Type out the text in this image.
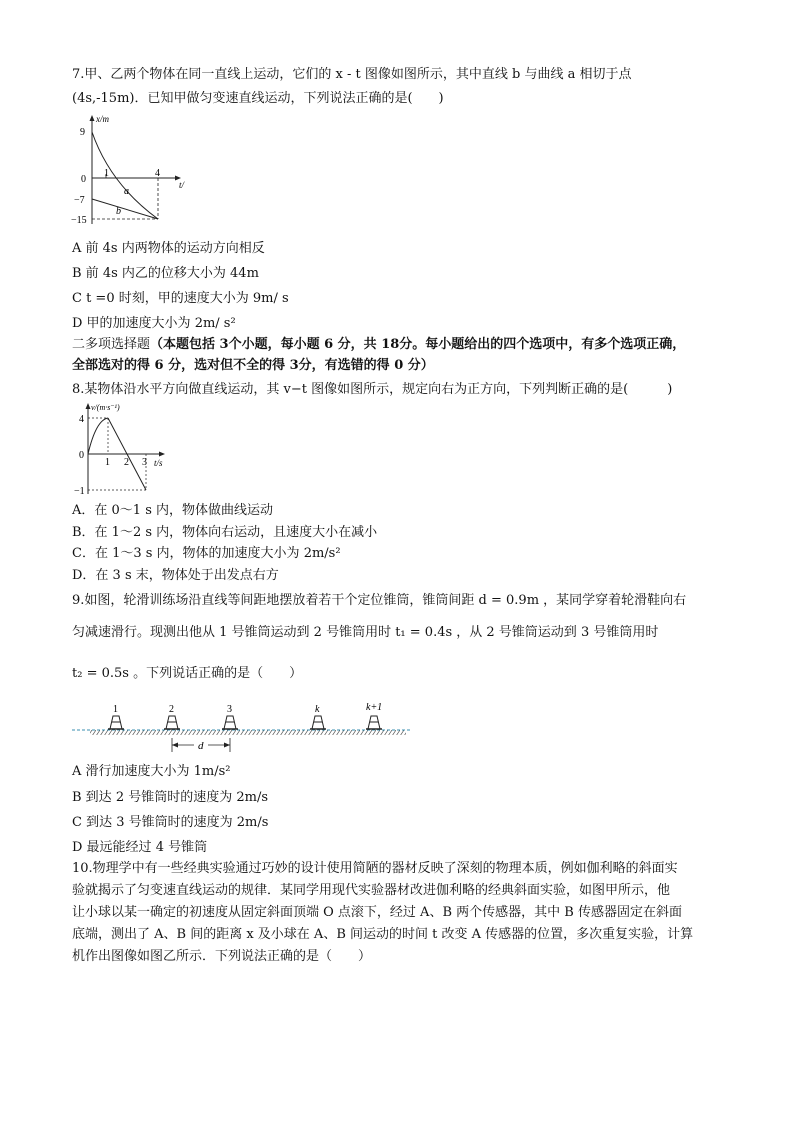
7.甲、乙两个物体在同一直线上运动，它们的 x - t 图像如图所示，其中直线 b 与曲线 a 相切于点
(4s,-15m)．已知甲做匀变速直线运动，下列说法正确的是(　　)
x/m
t/
9
0
−7
−15
1	4
a
b
A 前 4s 内两物体的运动方向相反
B 前 4s 内乙的位移大小为 44m
C t =0 时刻，甲的速度大小为 9m/ s
D 甲的加速度大小为 2m/ s²
二多项选择题（本题包括 3个小题，每小题 6 分，共 18分。每小题给出的四个选项中，有多个选项正确，
全部选对的得 6 分，选对但不全的得 3分，有选错的得 0 分）
8.某物体沿水平方向做直线运动，其 v−t 图像如图所示，规定向右为正方向，下列判断正确的是(　　　)
v/(m·s⁻¹)
t/s
4
0
−1
1 2 3
A．在 0～1 s 内，物体做曲线运动
B．在 1～2 s 内，物体向右运动，且速度大小在减小
C．在 1～3 s 内，物体的加速度大小为 2m/s²
D．在 3 s 末，物体处于出发点右方
9.如图，轮滑训练场沿直线等间距地摆放着若干个定位锥筒，锥筒间距 d = 0.9m ，某同学穿着轮滑鞋向右
匀减速滑行。现测出他从 1 号锥筒运动到 2 号锥筒用时 t₁ = 0.4s ，从 2 号锥筒运动到 3 号锥筒用时
t₂ = 0.5s 。下列说话正确的是（　　）
1	2	3	k	k+1
d
A 滑行加速度大小为 1m/s²
B 到达 2 号锥筒时的速度为 2m/s
C 到达 3 号锥筒时的速度为 2m/s
D 最远能经过 4 号锥筒
10.物理学中有一些经典实验通过巧妙的设计使用简陋的器材反映了深刻的物理本质，例如伽利略的斜面实
验就揭示了匀变速直线运动的规律．某同学用现代实验器材改进伽利略的经典斜面实验，如图甲所示，他
让小球以某一确定的初速度从固定斜面顶端 O 点滚下，经过 A、B 两个传感器，其中 B 传感器固定在斜面
底端，测出了 A、B 间的距离 x 及小球在 A、B 间运动的时间 t 改变 A 传感器的位置，多次重复实验，计算
机作出图像如图乙所示．下列说法正确的是（　　）
